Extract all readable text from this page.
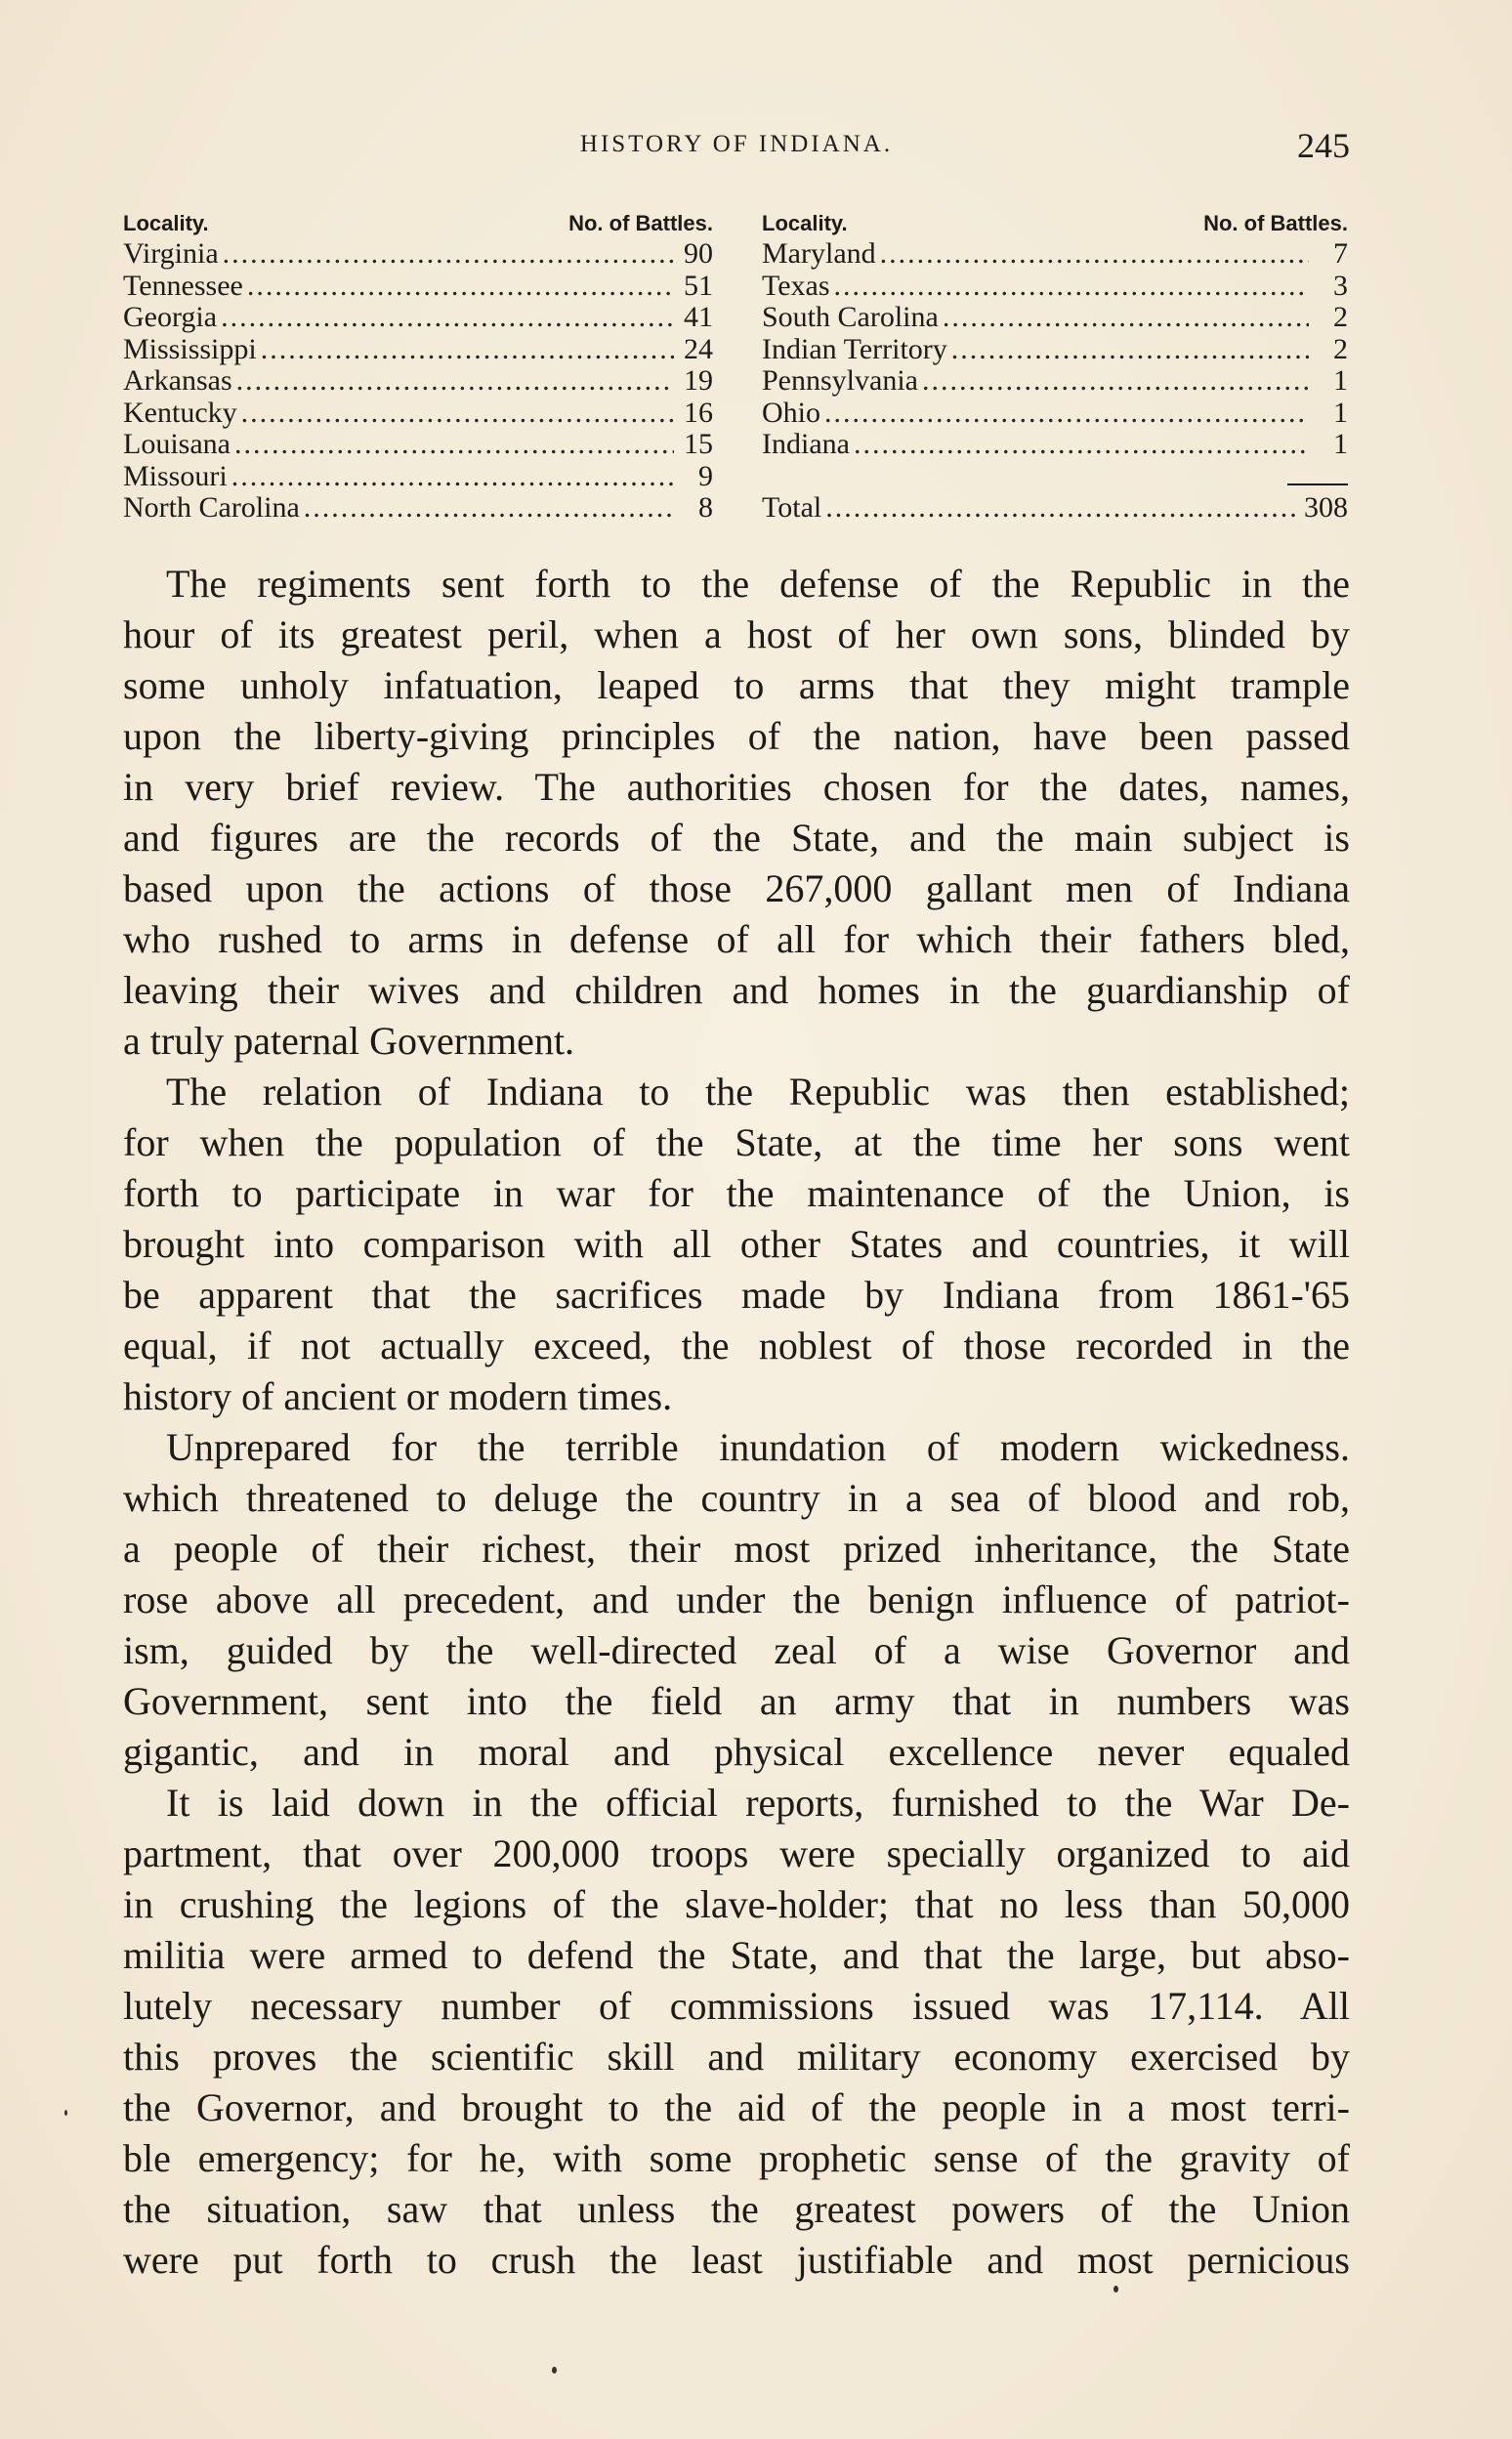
HISTORY OF INDIANA.	245
Locality.	No. of Battles.
Virginia .....	90
Tennessee .....	51
Georgia .....	41
Mississippi .....	24
Arkansas .....	19
Kentucky .....	16
Louisana .....	15
Missouri .....	9
North Carolina .....	8
Locality.	No. of Battles.
Maryland .....	7
Texas .....	3
South Carolina .....	2
Indian Territory .....	2
Pennsylvania .....	1
Ohio .....	1
Indiana .....	1
Total .....	308
The regiments sent forth to the defense of the Republic in the
hour of its greatest peril, when a host of her own sons, blinded by
some unholy infatuation, leaped to arms that they might trample
upon the liberty-giving principles of the nation, have been passed
in very brief review. The authorities chosen for the dates, names,
and figures are the records of the State, and the main subject is
based upon the actions of those 267,000 gallant men of Indiana
who rushed to arms in defense of all for which their fathers bled,
leaving their wives and children and homes in the guardianship of
a truly paternal Government.
The relation of Indiana to the Republic was then established;
for when the population of the State, at the time her sons went
forth to participate in war for the maintenance of the Union, is
brought into comparison with all other States and countries, it will
be apparent that the sacrifices made by Indiana from 1861-'65
equal, if not actually exceed, the noblest of those recorded in the
history of ancient or modern times.
Unprepared for the terrible inundation of modern wickedness.
which threatened to deluge the country in a sea of blood and rob,
a people of their richest, their most prized inheritance, the State
rose above all precedent, and under the benign influence of patriot-
ism, guided by the well-directed zeal of a wise Governor and
Government, sent into the field an army that in numbers was
gigantic, and in moral and physical excellence never equaled
It is laid down in the official reports, furnished to the War De-
partment, that over 200,000 troops were specially organized to aid
in crushing the legions of the slave-holder; that no less than 50,000
militia were armed to defend the State, and that the large, but abso-
lutely necessary number of commissions issued was 17,114. All
this proves the scientific skill and military economy exercised by
the Governor, and brought to the aid of the people in a most terri-
ble emergency; for he, with some prophetic sense of the gravity of
the situation, saw that unless the greatest powers of the Union
were put forth to crush the least justifiable and most pernicious
